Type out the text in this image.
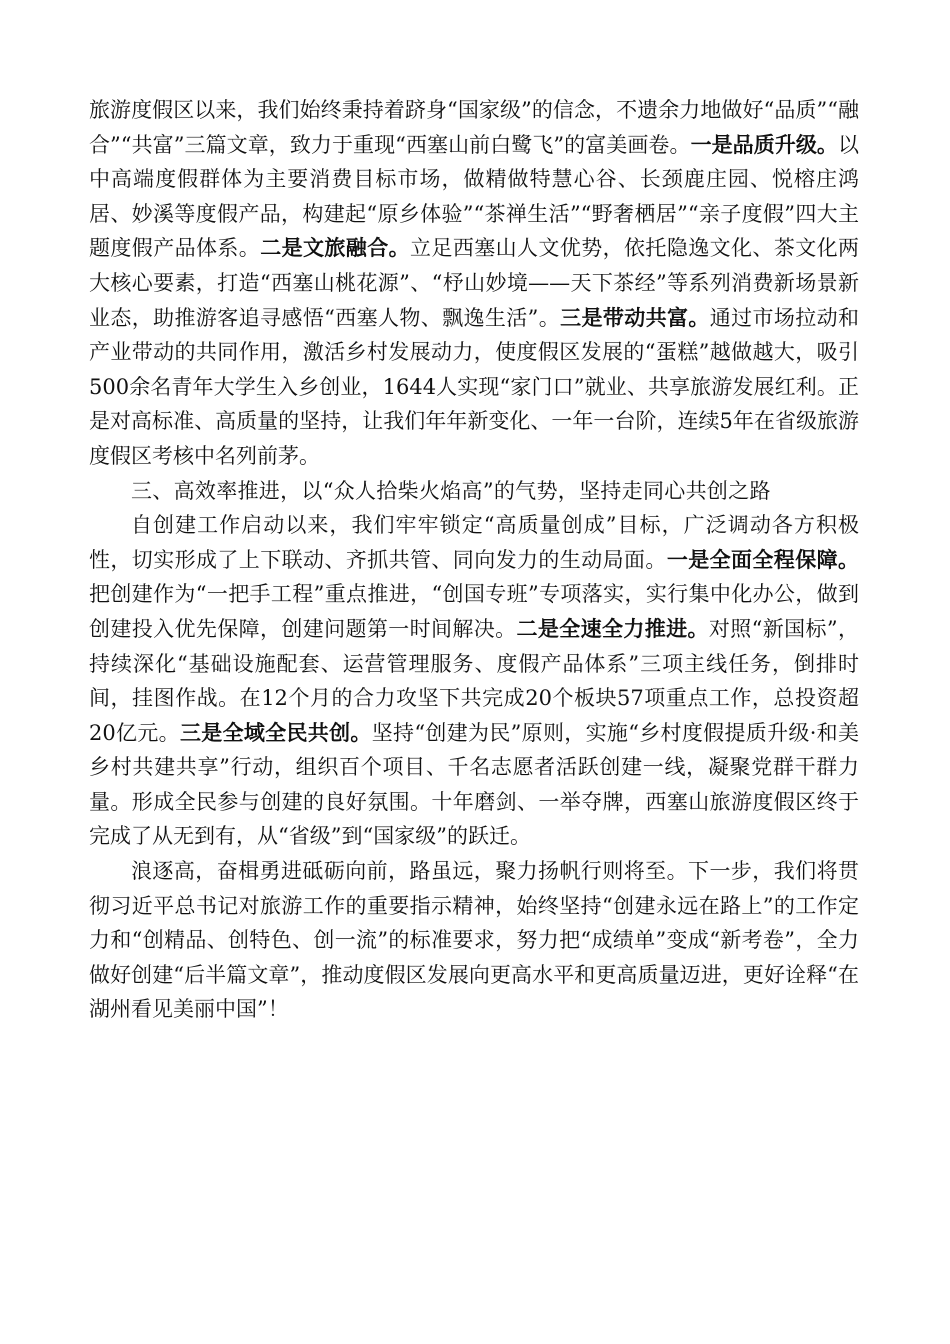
旅游度假区以来，我们始终秉持着跻身“国家级”的信念，不遗余力地做好“品质”“融合”“共富”三篇文章，致力于重现“西塞山前白鹭飞”的富美画卷。一是品质升级。以中高端度假群体为主要消费目标市场，做精做特慧心谷、长颈鹿庄园、悦榕庄鸿居、妙溪等度假产品，构建起“原乡体验”“茶禅生活”“野奢栖居”“亲子度假”四大主题度假产品体系。二是文旅融合。立足西塞山人文优势，依托隐逸文化、茶文化两大核心要素，打造“西塞山桃花源”、“杼山妙境——天下茶经”等系列消费新场景新业态，助推游客追寻感悟“西塞人物、飘逸生活”。三是带动共富。通过市场拉动和产业带动的共同作用，激活乡村发展动力，使度假区发展的“蛋糕”越做越大，吸引500余名青年大学生入乡创业，1644人实现“家门口”就业、共享旅游发展红利。正是对高标准、高质量的坚持，让我们年年新变化、一年一台阶，连续5年在省级旅游度假区考核中名列前茅。

三、高效率推进，以“众人拾柴火焰高”的气势，坚持走同心共创之路

自创建工作启动以来，我们牢牢锁定“高质量创成”目标，广泛调动各方积极性，切实形成了上下联动、齐抓共管、同向发力的生动局面。一是全面全程保障。把创建作为“一把手工程”重点推进，“创国专班”专项落实，实行集中化办公，做到创建投入优先保障，创建问题第一时间解决。二是全速全力推进。对照“新国标”，持续深化“基础设施配套、运营管理服务、度假产品体系”三项主线任务，倒排时间，挂图作战。在12个月的合力攻坚下共完成20个板块57项重点工作，总投资超20亿元。三是全域全民共创。坚持“创建为民”原则，实施“乡村度假提质升级·和美乡村共建共享”行动，组织百个项目、千名志愿者活跃创建一线，凝聚党群干群力量。形成全民参与创建的良好氛围。十年磨剑、一举夺牌，西塞山旅游度假区终于完成了从无到有，从“省级”到“国家级”的跃迁。

浪逐高，奋楫勇进砥砺向前，路虽远，聚力扬帆行则将至。下一步，我们将贯彻习近平总书记对旅游工作的重要指示精神，始终坚持“创建永远在路上”的工作定力和“创精品、创特色、创一流”的标准要求，努力把“成绩单”变成“新考卷”，全力做好创建“后半篇文章”，推动度假区发展向更高水平和更高质量迈进，更好诠释“在湖州看见美丽中国”！
